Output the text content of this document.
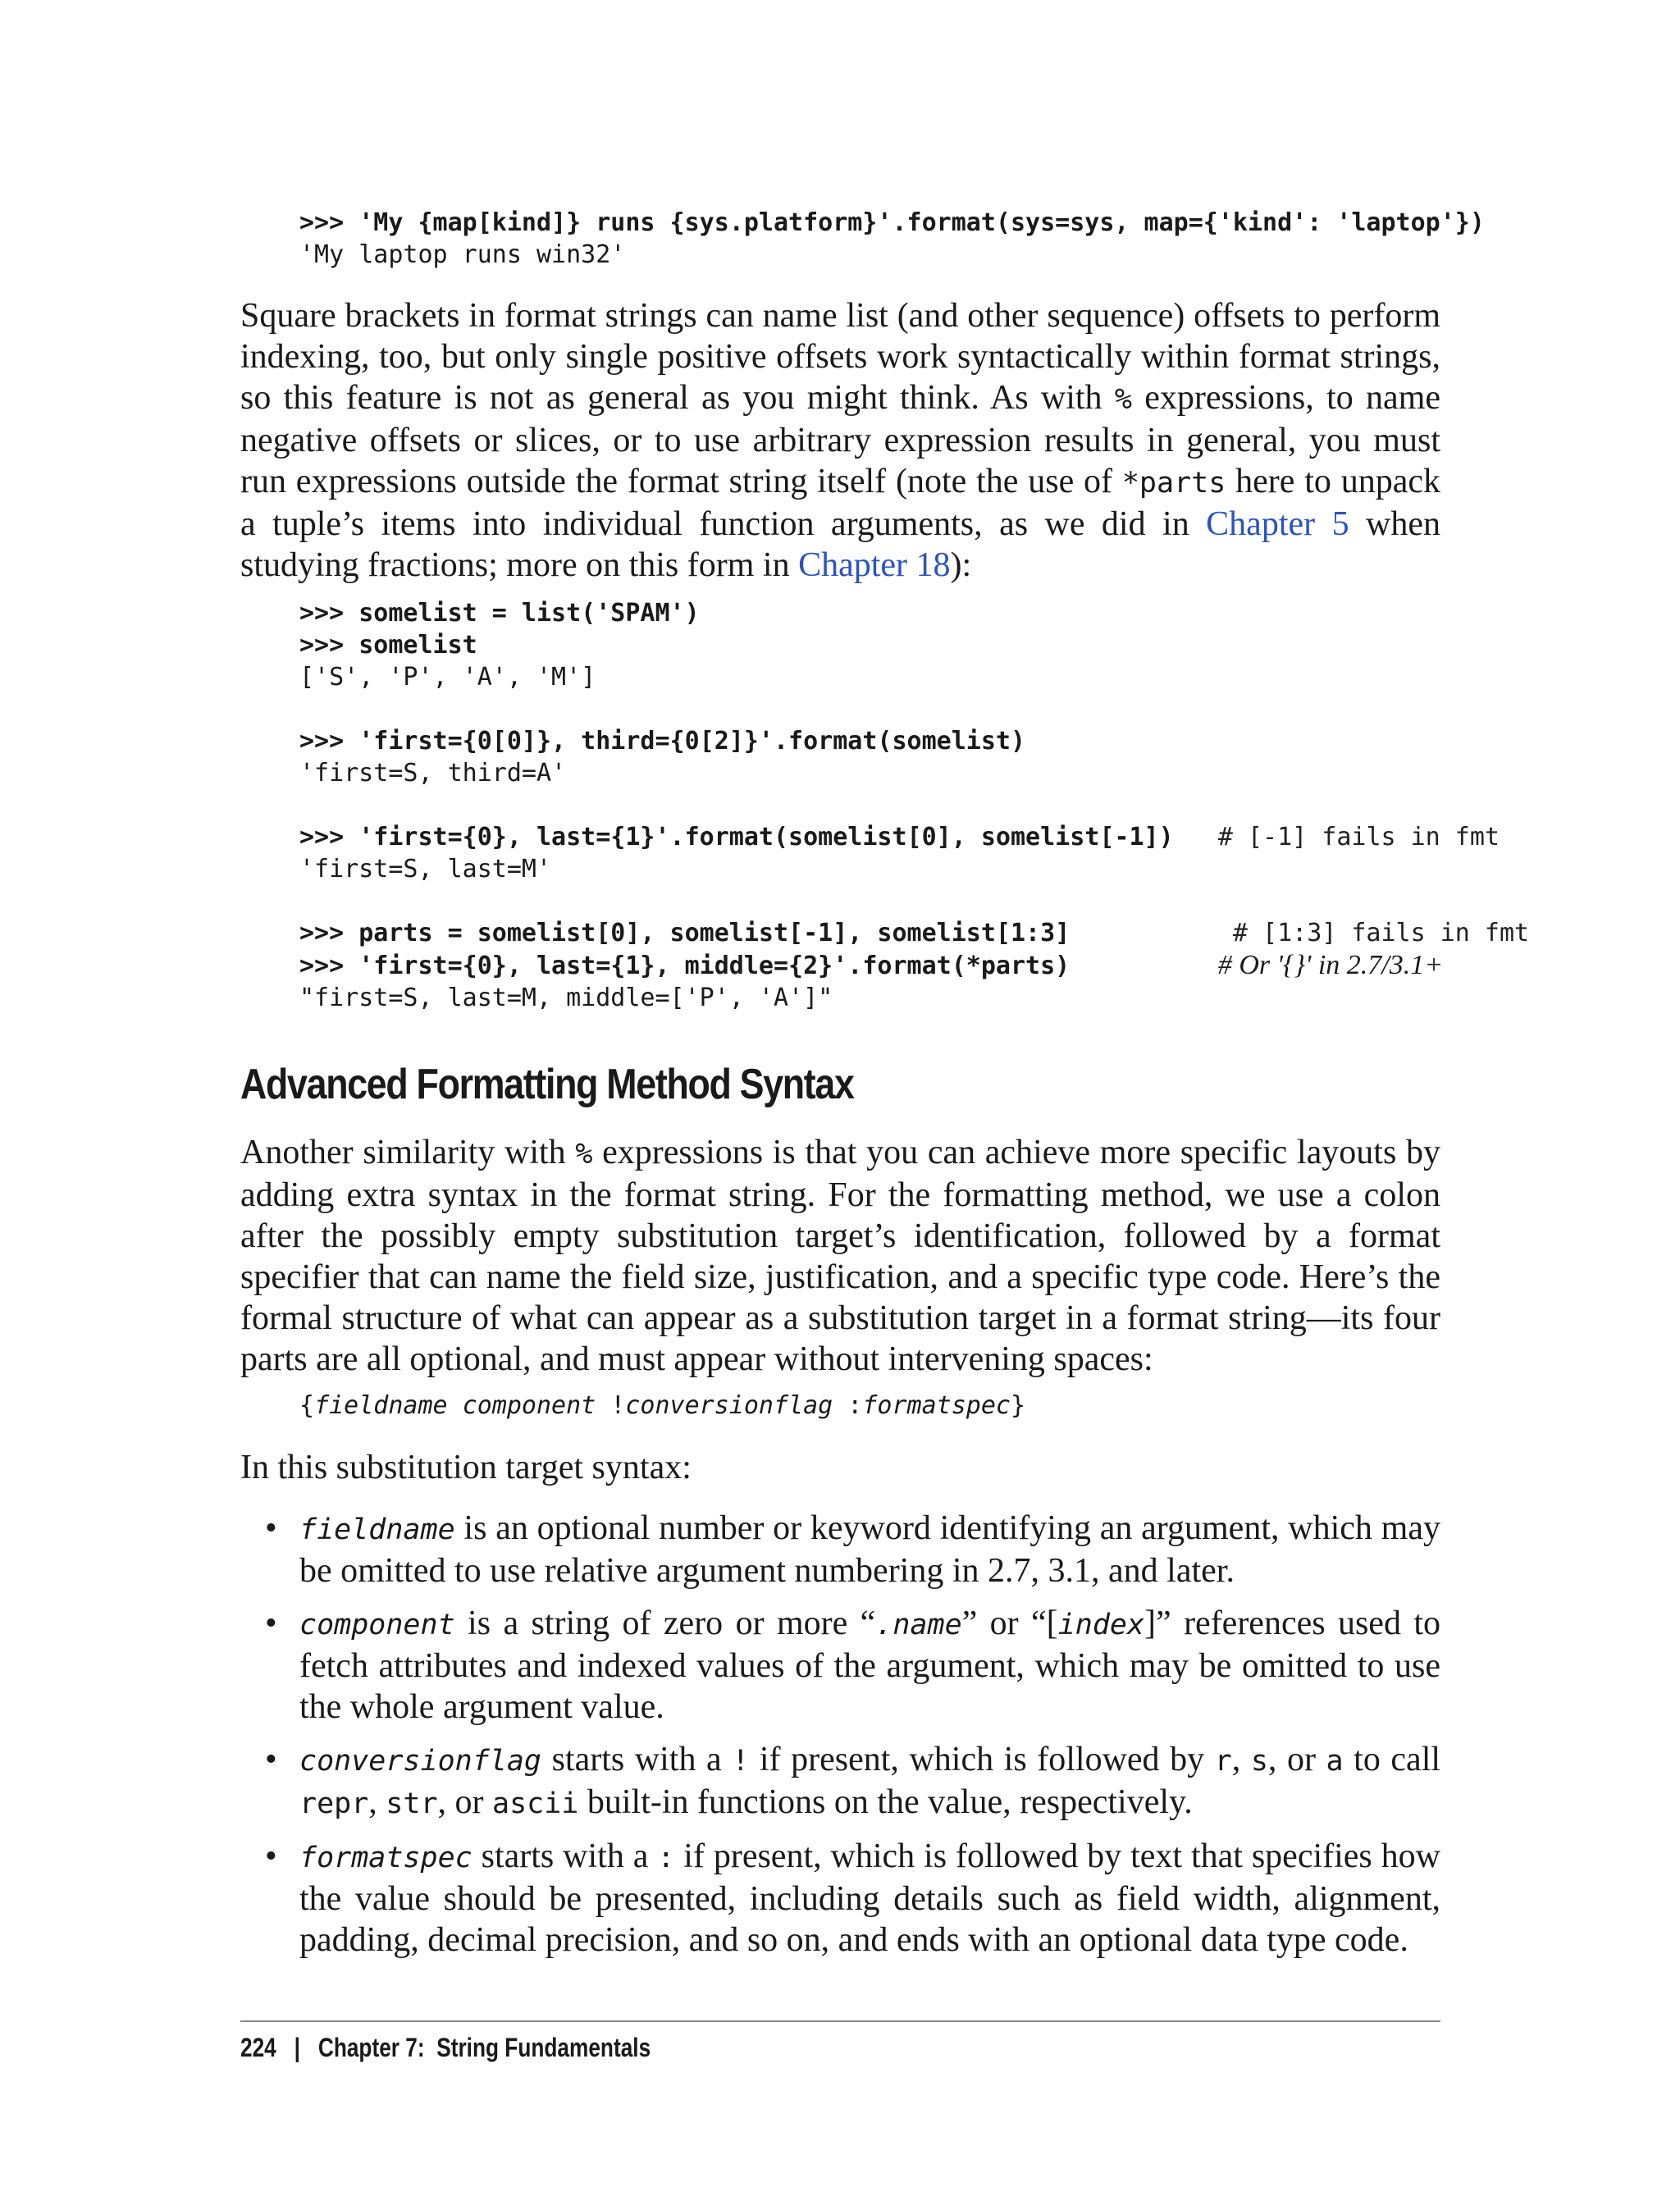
>>> 'My {map[kind]} runs {sys.platform}'.format(sys=sys, map={'kind': 'laptop'})
'My laptop runs win32'

Square brackets in format strings can name list (and other sequence) offsets to perform indexing, too, but only single positive offsets work syntactically within format strings, so this feature is not as general as you might think. As with % expressions, to name negative offsets or slices, or to use arbitrary expression results in general, you must run expressions outside the format string itself (note the use of *parts here to unpack a tuple’s items into individual function arguments, as we did in Chapter 5 when studying fractions; more on this form in Chapter 18):

>>> somelist = list('SPAM')
>>> somelist
['S', 'P', 'A', 'M']

>>> 'first={0[0]}, third={0[2]}'.format(somelist)
'first=S, third=A'

>>> 'first={0}, last={1}'.format(somelist[0], somelist[-1])   # [-1] fails in fmt
'first=S, last=M'

>>> parts = somelist[0], somelist[-1], somelist[1:3]           # [1:3] fails in fmt
>>> 'first={0}, last={1}, middle={2}'.format(*parts)	# Or '{}' in 2.7/3.1+
"first=S, last=M, middle=['P', 'A']"
Advanced Formatting Method Syntax

Another similarity with % expressions is that you can achieve more specific layouts by adding extra syntax in the format string. For the formatting method, we use a colon after the possibly empty substitution target’s identification, followed by a format specifier that can name the field size, justification, and a specific type code. Here’s the formal structure of what can appear as a substitution target in a format string—its four parts are all optional, and must appear without intervening spaces:

{fieldname component !conversionflag :formatspec}

In this substitution target syntax:

• fieldname is an optional number or keyword identifying an argument, which may be omitted to use relative argument numbering in 2.7, 3.1, and later.
• component is a string of zero or more “.name” or “[index]” references used to fetch attributes and indexed values of the argument, which may be omitted to use the whole argument value.
• conversionflag starts with a ! if present, which is followed by r, s, or a to call repr, str, or ascii built-in functions on the value, respectively.
• formatspec starts with a : if present, which is followed by text that specifies how the value should be presented, including details such as field width, alignment, padding, decimal precision, and so on, and ends with an optional data type code.
224 | Chapter 7:  String Fundamentals
